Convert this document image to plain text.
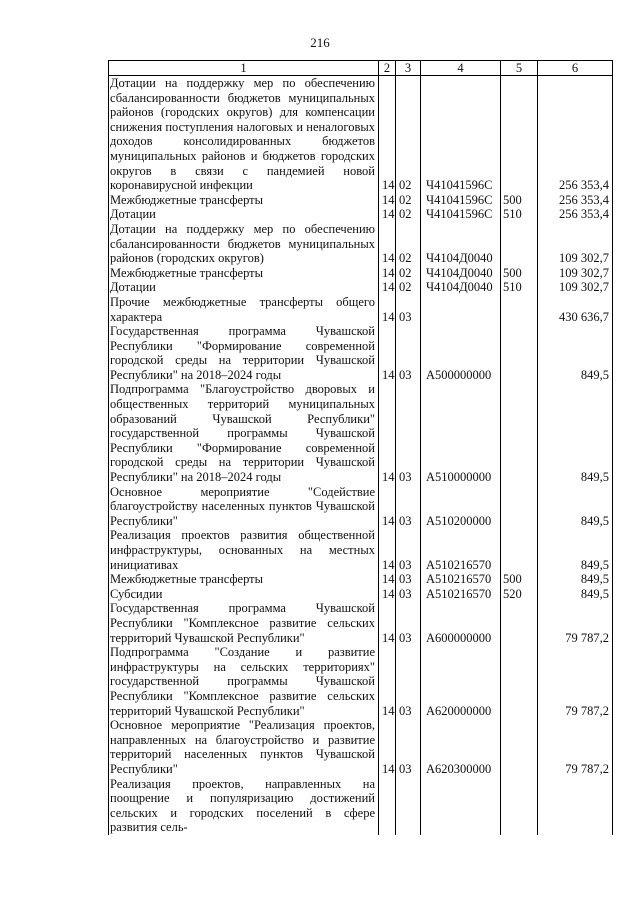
216
1	2	3	4	5	6
Дотации на поддержку мер по обеспечению сбалансированности бюджетов муниципальных районов (городских округов) для компенсации снижения поступления налоговых и неналоговых доходов консолидированных бюджетов муниципальных районов и бюджетов городских округов в связи с пандемией новой коронавирусной инфекции	14	02	Ч41041596С		256 353,4
Межбюджетные трансферты	14	02	Ч41041596С	500	256 353,4
Дотации	14	02	Ч41041596С	510	256 353,4
Дотации на поддержку мер по обеспечению сбалансированности бюджетов муниципальных районов (городских округов)	14	02	Ч4104Д0040		109 302,7
Межбюджетные трансферты	14	02	Ч4104Д0040	500	109 302,7
Дотации	14	02	Ч4104Д0040	510	109 302,7
Прочие межбюджетные трансферты общего характера	14	03			430 636,7
Государственная программа Чувашской Республики "Формирование современной городской среды на территории Чувашской Республики" на 2018–2024 годы	14	03	А500000000		849,5
Подпрограмма "Благоустройство дворовых и общественных территорий муниципальных образований Чувашской Республики" государственной программы Чувашской Республики "Формирование современной городской среды на территории Чувашской Республики" на 2018–2024 годы	14	03	А510000000		849,5
Основное мероприятие "Содействие благоустройству населенных пунктов Чувашской Республики"	14	03	А510200000		849,5
Реализация проектов развития общественной инфраструктуры, основанных на местных инициативах	14	03	А510216570		849,5
Межбюджетные трансферты	14	03	А510216570	500	849,5
Субсидии	14	03	А510216570	520	849,5
Государственная программа Чувашской Республики "Комплексное развитие сельских территорий Чувашской Республики"	14	03	А600000000		79 787,2
Подпрограмма "Создание и развитие инфраструктуры на сельских территориях" государственной программы Чувашской Республики "Комплексное развитие сельских территорий Чувашской Республики"	14	03	А620000000		79 787,2
Основное мероприятие "Реализация проектов, направленных на благоустройство и развитие территорий населенных пунктов Чувашской Республики"	14	03	А620300000		79 787,2
Реализация проектов, направленных на поощрение и популяризацию достижений сельских и городских поселений в сфере развития сель-					
